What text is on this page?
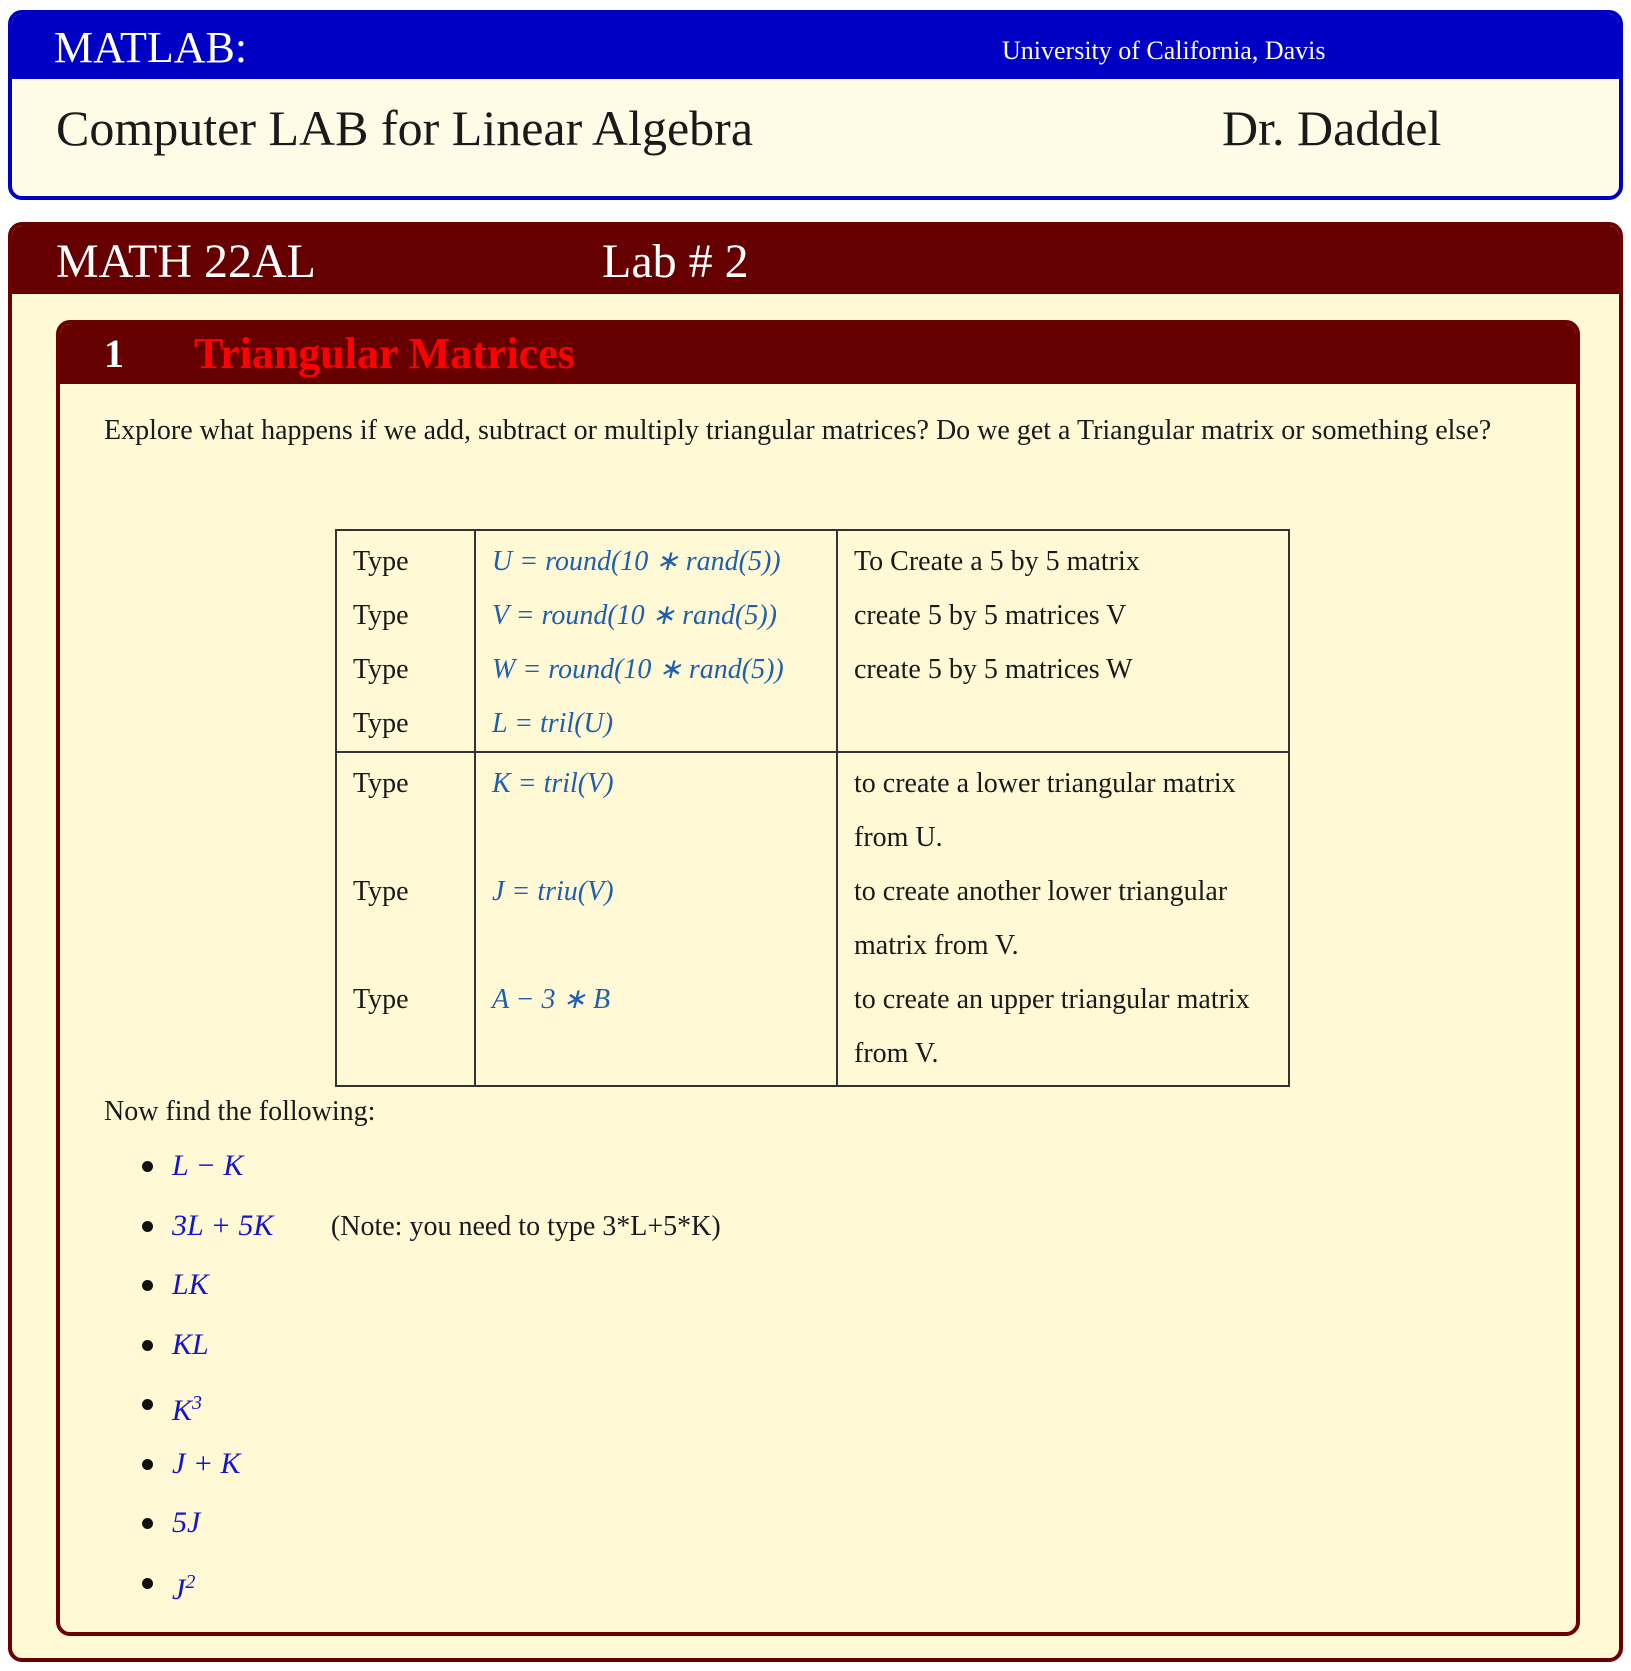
MATLAB:	University of California, Davis
Computer LAB for Linear Algebra	Dr. Daddel
MATH 22AL	Lab # 2
1 Triangular Matrices
Explore what happens if we add, subtract or multiply triangular matrices? Do we get a Triangular matrix or something else?
Type	U = round(10 ∗ rand(5))	To Create a 5 by 5 matrix
Type	V = round(10 ∗ rand(5))	create 5 by 5 matrices V
Type	W = round(10 ∗ rand(5))	create 5 by 5 matrices W
Type	L = tril(U)	
Type	K = tril(V)	to create a lower triangular matrix from U.
Type	J = triu(V)	to create another lower triangular matrix from V.
Type	A − 3 ∗ B	to create an upper triangular matrix from V.
Now find the following:
L − K
3L + 5K (Note: you need to type 3*L+5*K)
LK
KL
$K^3$
J + K
5J
$J^2$
